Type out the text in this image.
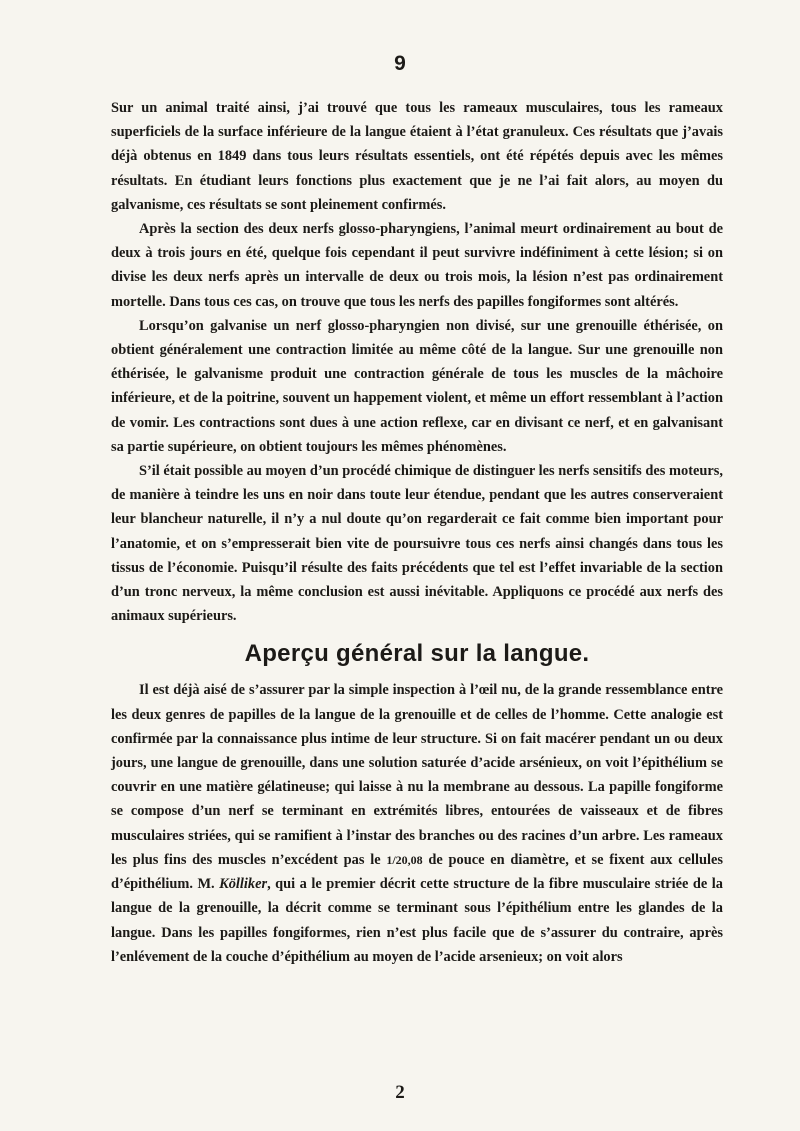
9

Sur un animal traité ainsi, j’ai trouvé que tous les rameaux musculaires, tous les rameaux superficiels de la surface inférieure de la langue étaient à l’état granuleux. Ces résultats que j’avais déjà obtenus en 1849 dans tous leurs résultats essentiels, ont été répétés depuis avec les mêmes résultats. En étudiant leurs fonctions plus exactement que je ne l’ai fait alors, au moyen du galvanisme, ces résultats se sont pleinement confirmés.

Après la section des deux nerfs glosso-pharyngiens, l’animal meurt ordinairement au bout de deux à trois jours en été, quelque fois cependant il peut survivre indéfiniment à cette lésion; si on divise les deux nerfs après un intervalle de deux ou trois mois, la lésion n’est pas ordinairement mortelle. Dans tous ces cas, on trouve que tous les nerfs des papilles fongiformes sont altérés.

Lorsqu’on galvanise un nerf glosso-pharyngien non divisé, sur une grenouille éthérisée, on obtient généralement une contraction limitée au même côté de la langue. Sur une grenouille non éthérisée, le galvanisme produit une contraction générale de tous les muscles de la mâchoire inférieure, et de la poitrine, souvent un happement violent, et même un effort ressemblant à l’action de vomir. Les contractions sont dues à une action reflexe, car en divisant ce nerf, et en galvanisant sa partie supérieure, on obtient toujours les mêmes phénomènes.

S’il était possible au moyen d’un procédé chimique de distinguer les nerfs sensitifs des moteurs, de manière à teindre les uns en noir dans toute leur étendue, pendant que les autres conserveraient leur blancheur naturelle, il n’y a nul doute qu’on regarderait ce fait comme bien important pour l’anatomie, et on s’empresserait bien vite de poursuivre tous ces nerfs ainsi changés dans tous les tissus de l’économie. Puisqu’il résulte des faits précédents que tel est l’effet invariable de la section d’un tronc nerveux, la même conclusion est aussi inévitable. Appliquons ce procédé aux nerfs des animaux supérieurs.

Aperçu général sur la langue.

Il est déjà aisé de s’assurer par la simple inspection à l’œil nu, de la grande ressemblance entre les deux genres de papilles de la langue de la grenouille et de celles de l’homme. Cette analogie est confirmée par la connaissance plus intime de leur structure. Si on fait macérer pendant un ou deux jours, une langue de grenouille, dans une solution saturée d’acide arsénieux, on voit l’épithélium se couvrir en une matière gélatineuse; qui laisse à nu la membrane au dessous. La papille fongiforme se compose d’un nerf se terminant en extrémités libres, entourées de vaisseaux et de fibres musculaires striées, qui se ramifient à l’instar des branches ou des racines d’un arbre. Les rameaux les plus fins des muscles n’excédent pas le 1/20,08 de pouce en diamètre, et se fixent aux cellules d’épithélium. M. Kölliker, qui a le premier décrit cette structure de la fibre musculaire striée de la langue de la grenouille, la décrit comme se terminant sous l’épithélium entre les glandes de la langue. Dans les papilles fongiformes, rien n’est plus facile que de s’assurer du contraire, après l’enlévement de la couche d’épithélium au moyen de l’acide arsenieux; on voit alors

2
